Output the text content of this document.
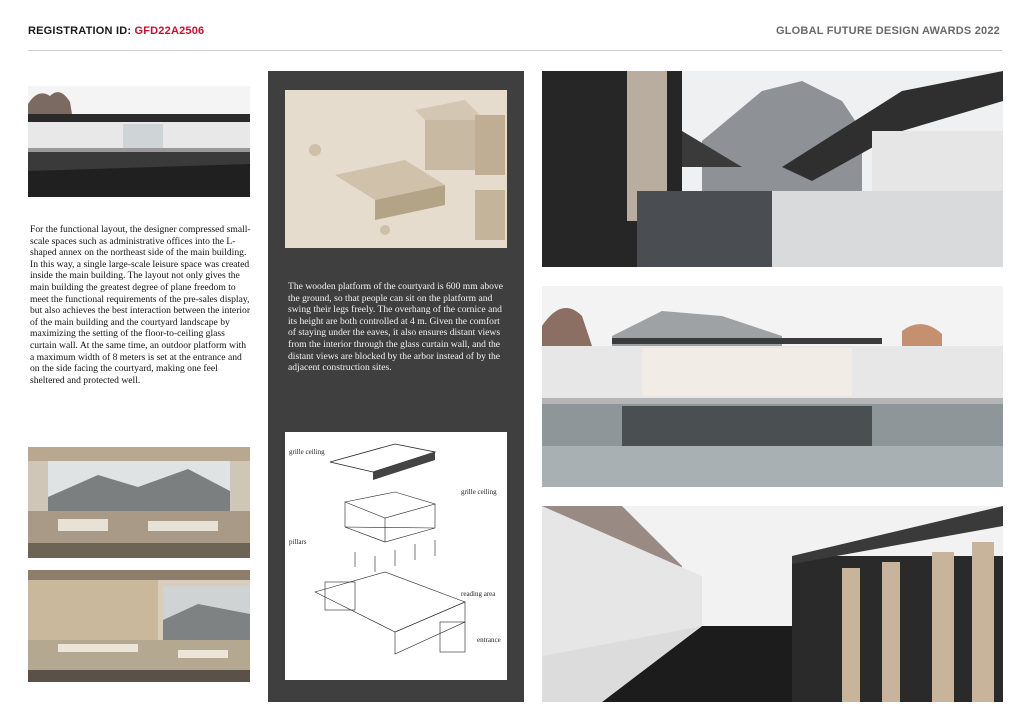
REGISTRATION ID: GFD22A2506	GLOBAL FUTURE DESIGN AWARDS 2022
For the functional layout, the designer compressed small-scale spaces such as administrative offices into the L-shaped annex on the northeast side of the main building. In this way, a single large-scale leisure space was created inside the main building. The layout not only gives the main building the greatest degree of plane freedom to meet the functional requirements of the pre-sales display, but also achieves the best interaction between the interior of the main building and the courtyard landscape by maximizing the setting of the floor-to-ceiling glass curtain wall. At the same time, an outdoor platform with a maximum width of 8 meters is set at the entrance and on the side facing the courtyard, making one feel sheltered and protected well.
The wooden platform of the courtyard is 600 mm above the ground, so that people can sit on the platform and swing their legs freely. The overhang of the cornice and its height are both controlled at 4 m. Given the comfort of staying under the eaves, it also ensures distant views from the interior through the glass curtain wall, and the distant views are blocked by the arbor instead of by the adjacent construction sites.
grille ceiling
grille ceiling
pillars
reading area
entrance
